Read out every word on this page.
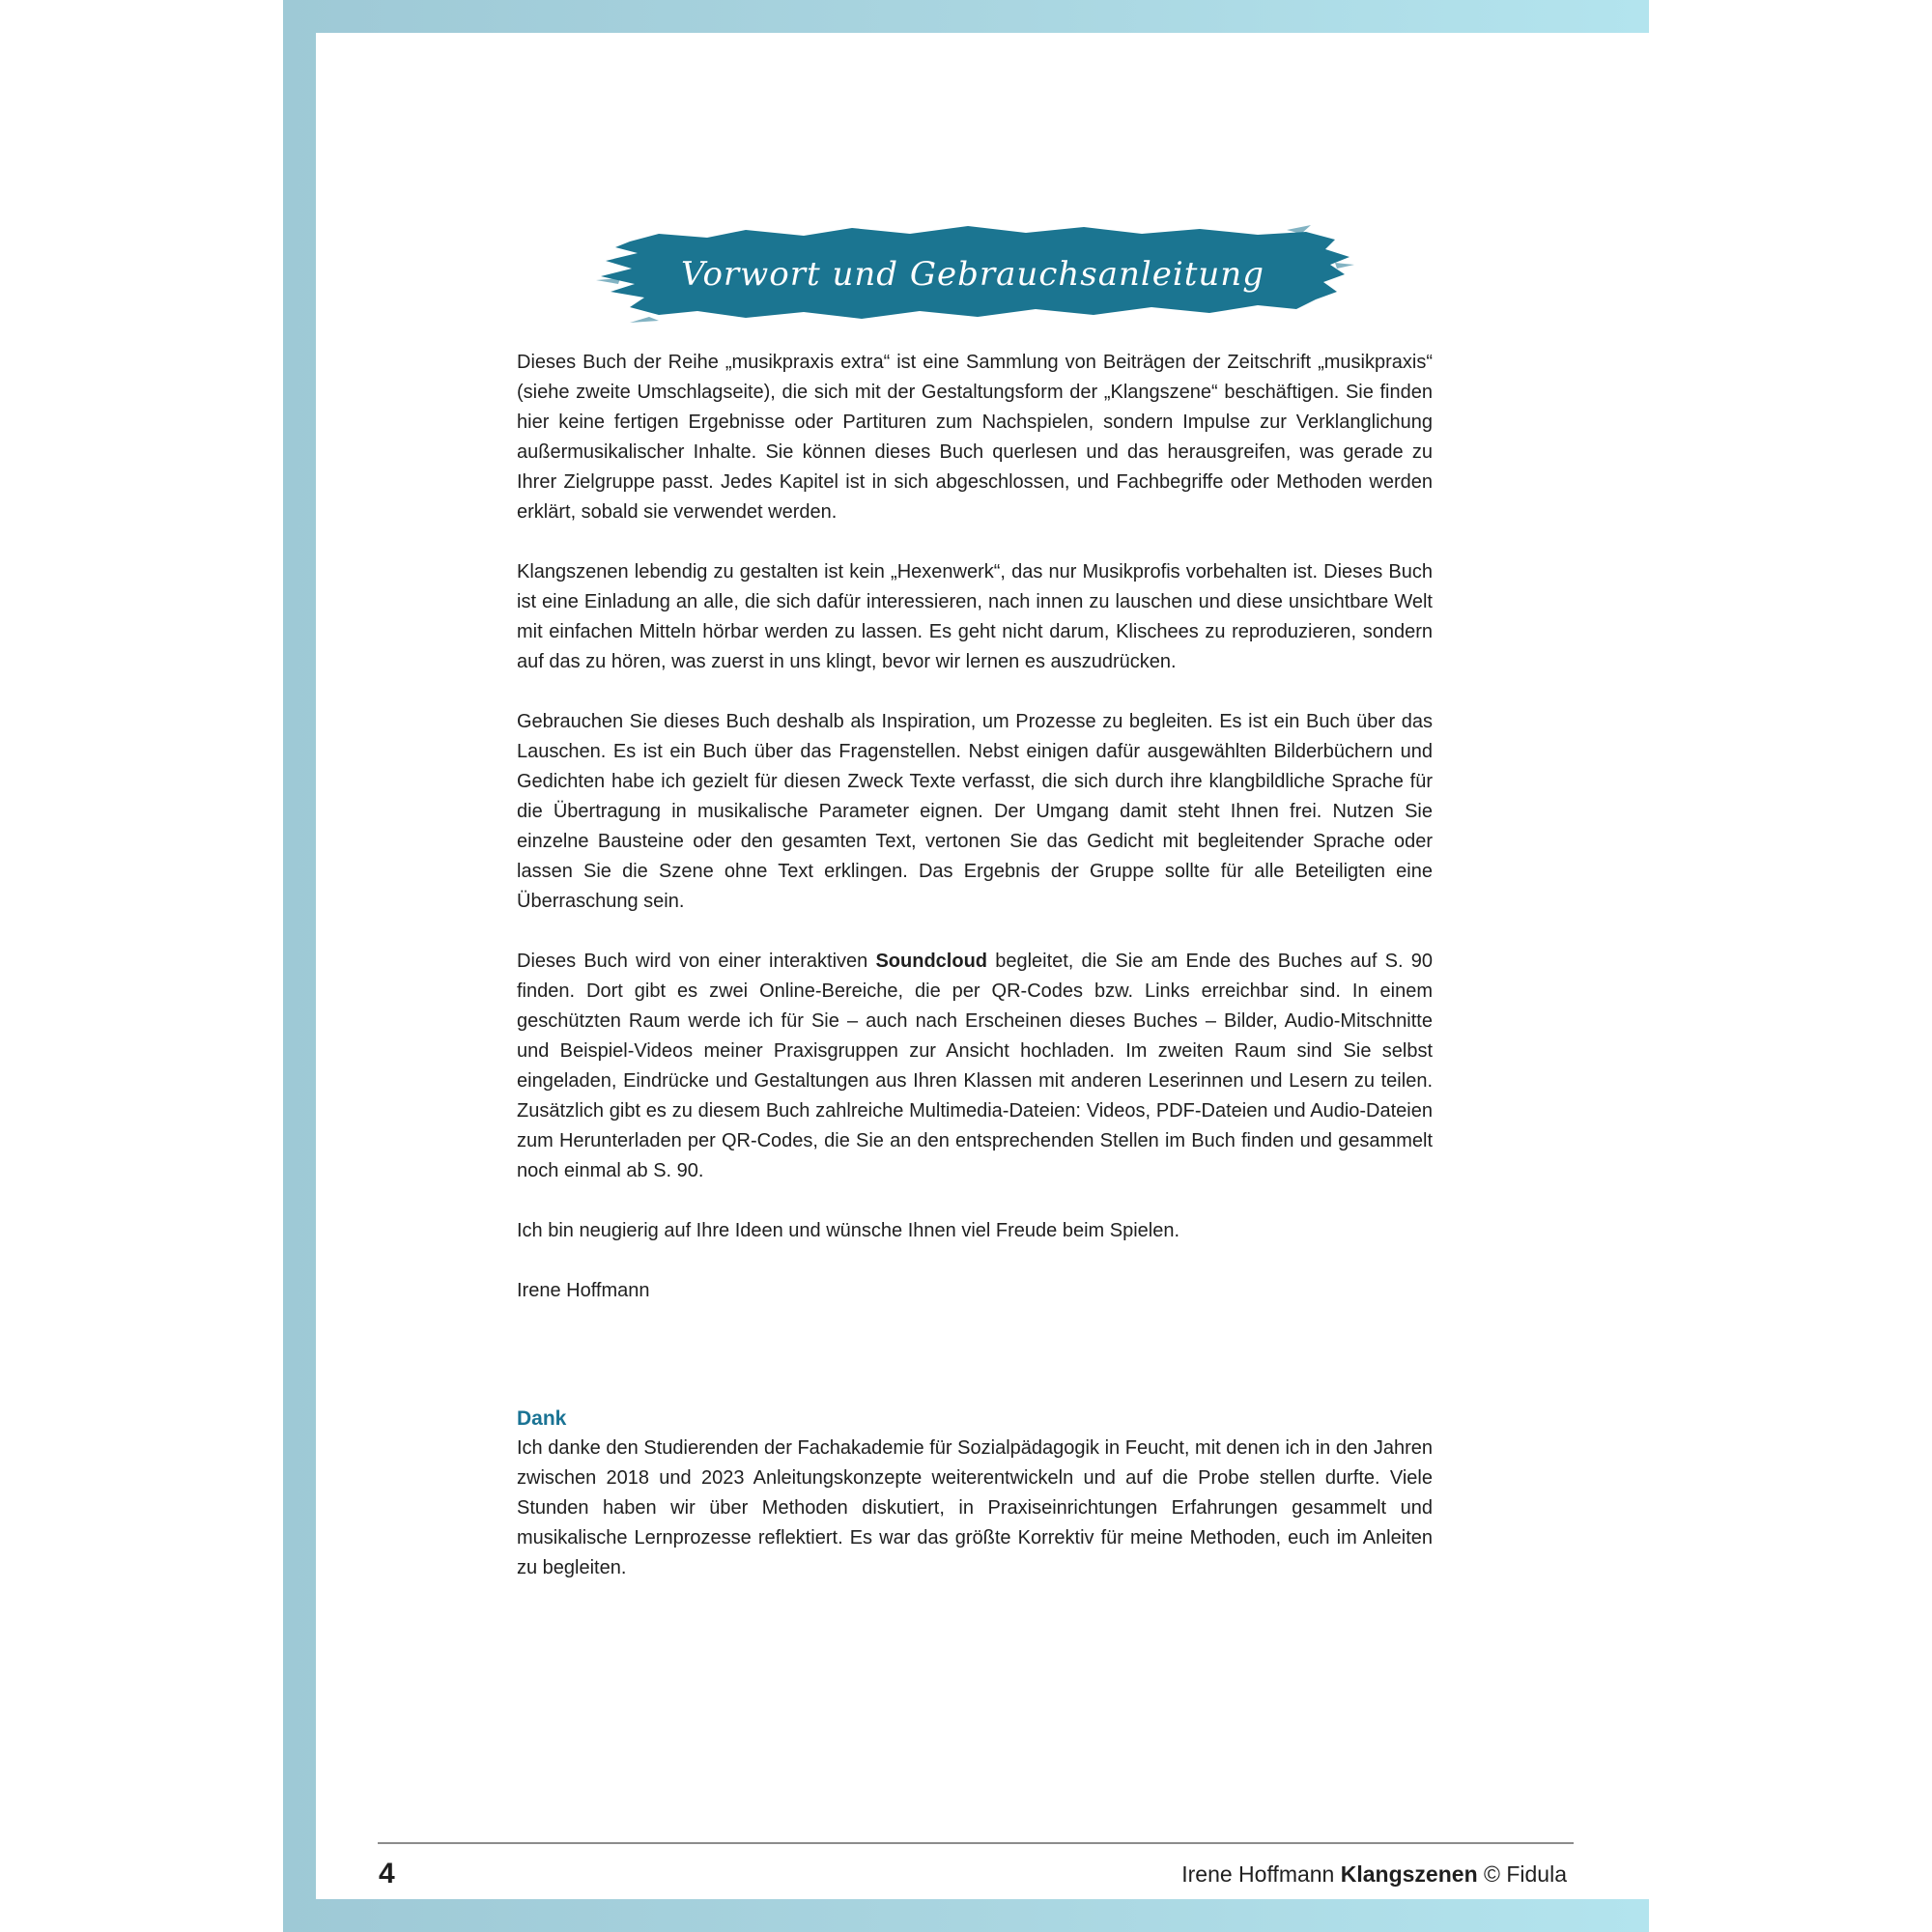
Vorwort und Gebrauchsanleitung

Dieses Buch der Reihe „musikpraxis extra“ ist eine Sammlung von Beiträgen der Zeitschrift „musikpraxis“ (siehe zweite Umschlagseite), die sich mit der Gestaltungsform der „Klangszene“ beschäftigen. Sie finden hier keine fertigen Ergebnisse oder Partituren zum Nachspielen, sondern Impulse zur Verklanglichung außermusikalischer Inhalte. Sie können dieses Buch querlesen und das herausgreifen, was gerade zu Ihrer Zielgruppe passt. Jedes Kapitel ist in sich abgeschlossen, und Fachbegriffe oder Methoden werden erklärt, sobald sie verwendet werden.

Klangszenen lebendig zu gestalten ist kein „Hexenwerk“, das nur Musikprofis vorbehalten ist. Dieses Buch ist eine Einladung an alle, die sich dafür interessieren, nach innen zu lauschen und diese unsichtbare Welt mit einfachen Mitteln hörbar werden zu lassen. Es geht nicht darum, Klischees zu reproduzieren, sondern auf das zu hören, was zuerst in uns klingt, bevor wir lernen es auszudrücken.

Gebrauchen Sie dieses Buch deshalb als Inspiration, um Prozesse zu begleiten. Es ist ein Buch über das Lauschen. Es ist ein Buch über das Fragenstellen. Nebst einigen dafür ausgewählten Bilderbüchern und Gedichten habe ich gezielt für diesen Zweck Texte verfasst, die sich durch ihre klangbildliche Sprache für die Übertragung in musikalische Parameter eignen. Der Umgang damit steht Ihnen frei. Nutzen Sie einzelne Bausteine oder den gesamten Text, vertonen Sie das Gedicht mit begleitender Sprache oder lassen Sie die Szene ohne Text erklingen. Das Ergebnis der Gruppe sollte für alle Beteiligten eine Überraschung sein.

Dieses Buch wird von einer interaktiven Soundcloud begleitet, die Sie am Ende des Buches auf S. 90 finden. Dort gibt es zwei Online-Bereiche, die per QR-Codes bzw. Links erreichbar sind. In einem geschützten Raum werde ich für Sie – auch nach Erscheinen dieses Buches – Bilder, Audio-Mitschnitte und Beispiel-Videos meiner Praxisgruppen zur Ansicht hochladen. Im zweiten Raum sind Sie selbst eingeladen, Eindrücke und Gestaltungen aus Ihren Klassen mit anderen Leserinnen und Lesern zu teilen. Zusätzlich gibt es zu diesem Buch zahlreiche Multimedia-Dateien: Videos, PDF-Dateien und Audio-Dateien zum Herunterladen per QR-Codes, die Sie an den entsprechenden Stellen im Buch finden und gesammelt noch einmal ab S. 90.

Ich bin neugierig auf Ihre Ideen und wünsche Ihnen viel Freude beim Spielen.

Irene Hoffmann

Dank

Ich danke den Studierenden der Fachakademie für Sozialpädagogik in Feucht, mit denen ich in den Jahren zwischen 2018 und 2023 Anleitungskonzepte weiterentwickeln und auf die Probe stellen durfte. Viele Stunden haben wir über Methoden diskutiert, in Praxiseinrichtungen Erfahrungen gesammelt und musikalische Lernprozesse reflektiert. Es war das größte Korrektiv für meine Methoden, euch im Anleiten zu begleiten.

4	Irene Hoffmann Klangszenen © Fidula
